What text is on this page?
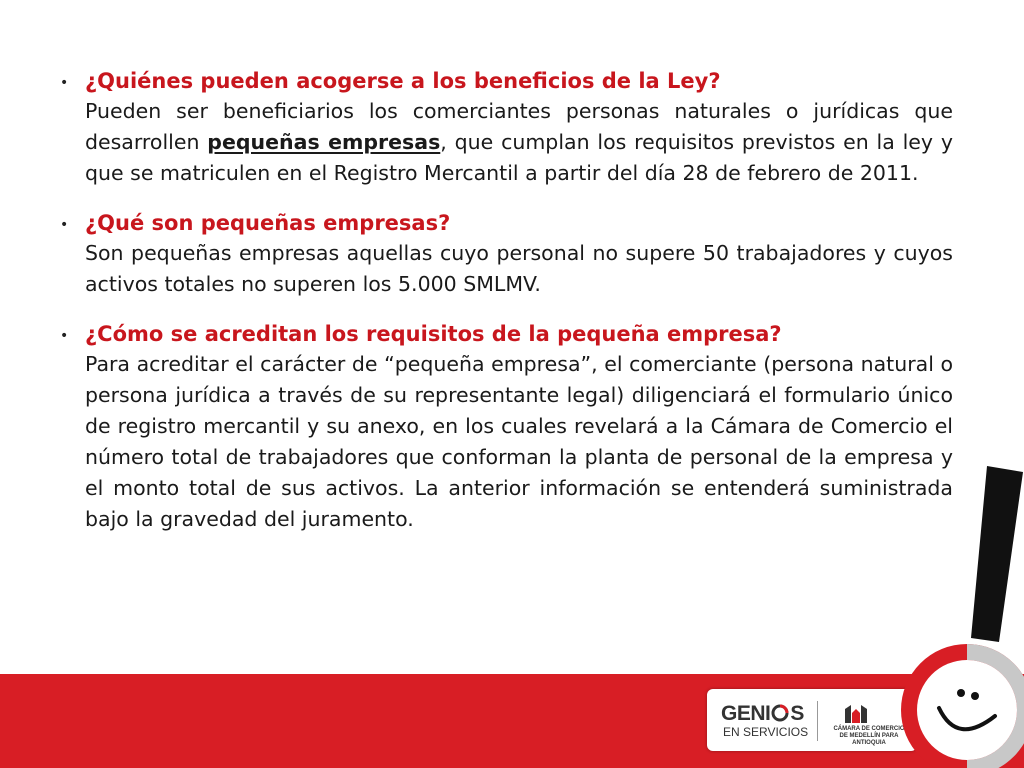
• ¿Quiénes pueden acogerse a los beneficios de la Ley?
Pueden ser beneficiarios los comerciantes personas naturales o jurídicas que desarrollen pequeñas empresas, que cumplan los requisitos previstos en la ley y que se matriculen en el Registro Mercantil a partir del día 28 de febrero de 2011.
• ¿Qué son pequeñas empresas?
Son pequeñas empresas aquellas cuyo personal no supere 50 trabajadores y cuyos activos totales no superen los 5.000 SMLMV.
• ¿Cómo se acreditan los requisitos de la pequeña empresa?
Para acreditar el carácter de “pequeña empresa”, el comerciante (persona natural o persona jurídica a través de su representante legal) diligenciará el formulario único de registro mercantil y su anexo, en los cuales revelará a la Cámara de Comercio el número total de trabajadores que conforman la planta de personal de la empresa y el monto total de sus activos. La anterior información se entenderá suministrada bajo la gravedad del juramento.
GENI S
EN SERVICIOS	CÁMARA DE COMERCIO
DE MEDELLÍN PARA ANTIOQUIA
